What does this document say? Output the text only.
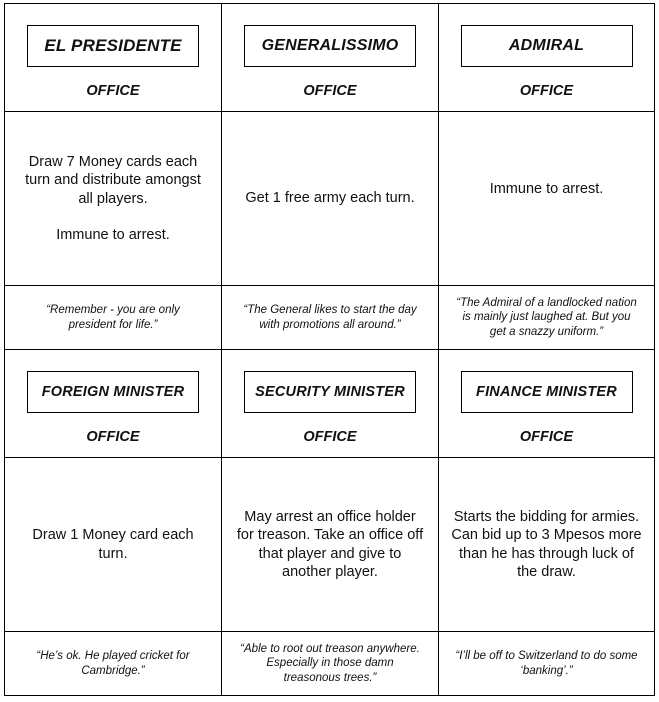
EL PRESIDENTE
OFFICE
GENERALISSIMO
OFFICE
ADMIRAL
OFFICE

Draw 7 Money cards each turn and distribute amongst all players.

Immune to arrest.

Get 1 free army each turn.

Immune to arrest.

“Remember - you are only president for life.”
“The General likes to start the day with promotions all around.”
“The Admiral of a landlocked nation is mainly just laughed at. But you get a snazzy uniform.”
FOREIGN MINISTER
OFFICE
SECURITY MINISTER
OFFICE
FINANCE MINISTER
OFFICE

Draw 1 Money card each turn.

May arrest an office holder for treason. Take an office off that player and give to another player.

Starts the bidding for armies. Can bid up to 3 Mpesos more than he has through luck of the draw.

“He’s ok. He played cricket for Cambridge.”
“Able to root out treason anywhere. Especially in those damn treasonous trees.”
“I’ll be off to Switzerland to do some ‘banking’.”
